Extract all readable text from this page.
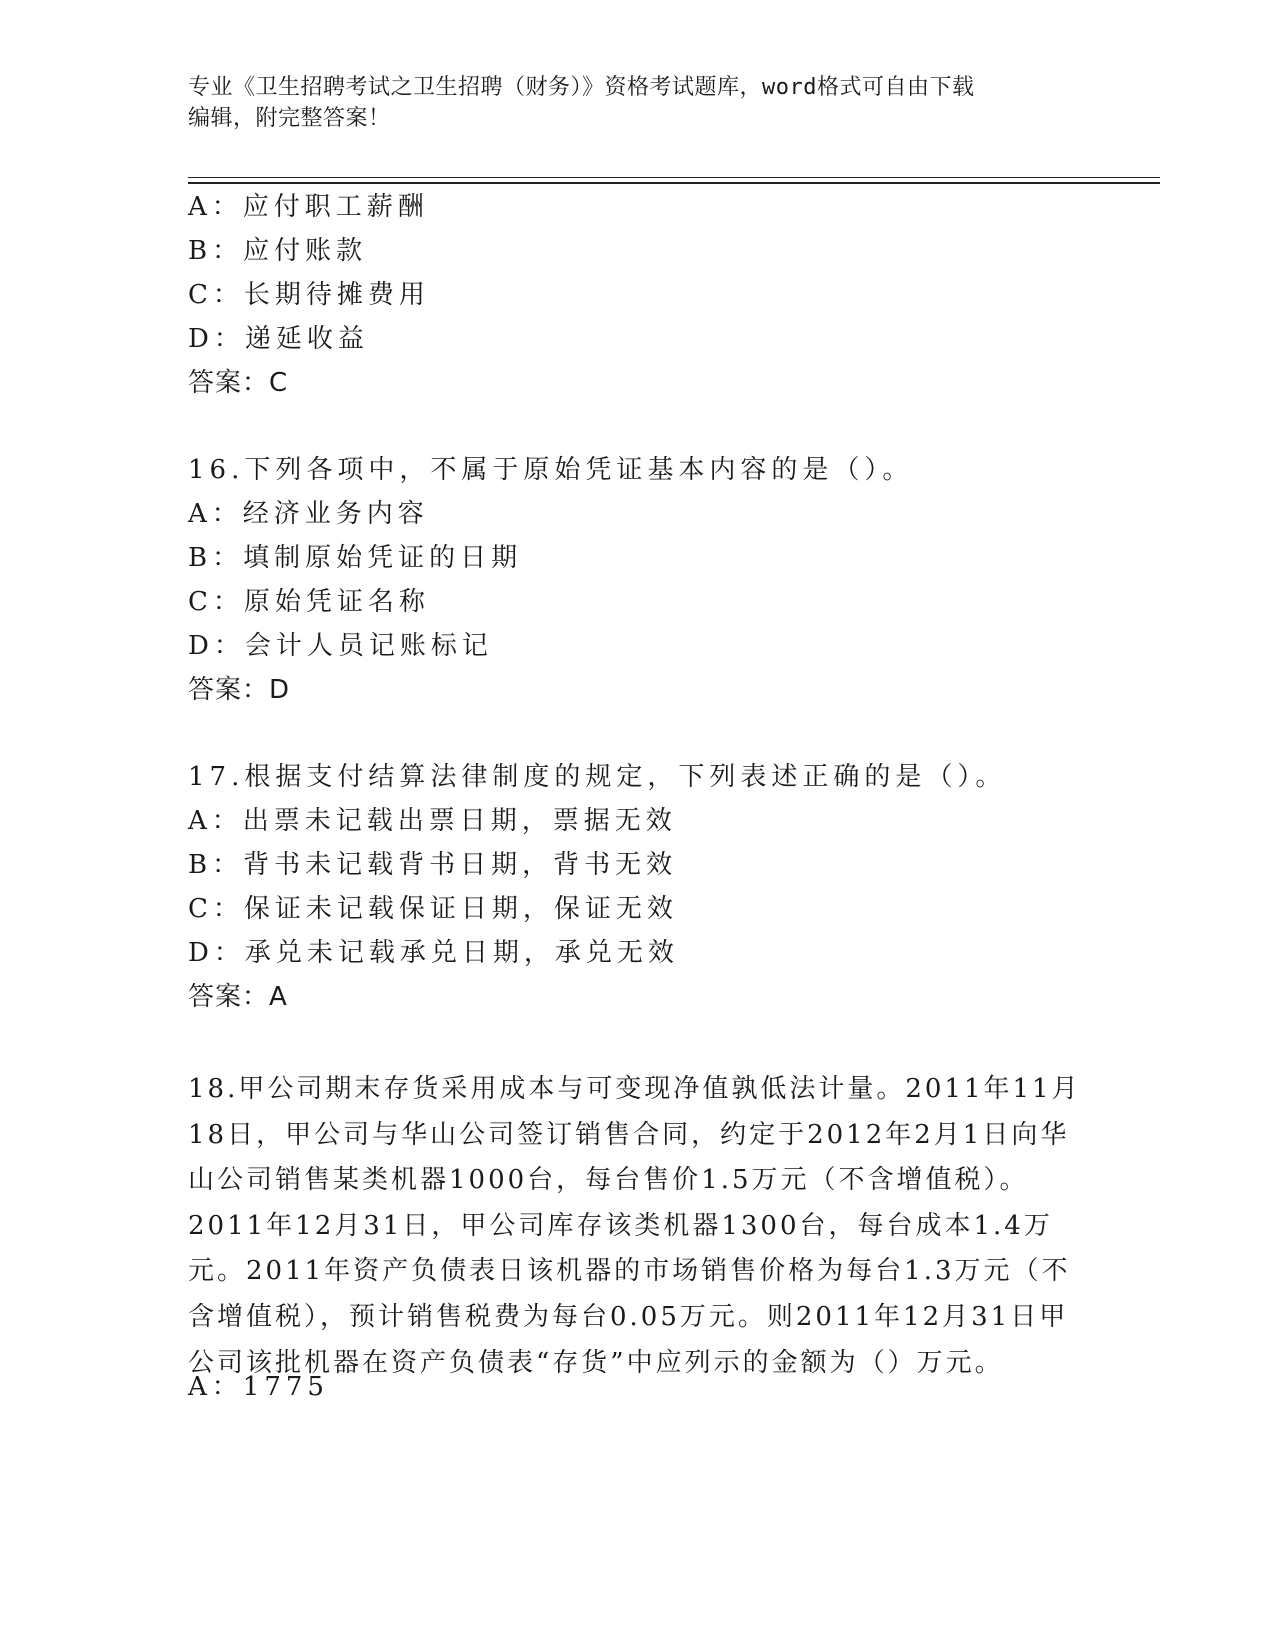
专业《卫生招聘考试之卫生招聘（财务）》资格考试题库，word格式可自由下载
编辑，附完整答案！
A：应付职工薪酬
B：应付账款
C：长期待摊费用
D：递延收益
答案：C
16.下列各项中，不属于原始凭证基本内容的是（）。
A：经济业务内容
B：填制原始凭证的日期
C：原始凭证名称
D：会计人员记账标记
答案：D
17.根据支付结算法律制度的规定，下列表述正确的是（）。
A：出票未记载出票日期，票据无效
B：背书未记载背书日期，背书无效
C：保证未记载保证日期，保证无效
D：承兑未记载承兑日期，承兑无效
答案：A
18.甲公司期末存货采用成本与可变现净值孰低法计量。2011年11月18日，甲公司与华山公司签订销售合同，约定于2012年2月1日向华山公司销售某类机器1000台，每台售价1.5万元（不含增值税）。2011年12月31日，甲公司库存该类机器1300台，每台成本1.4万元。2011年资产负债表日该机器的市场销售价格为每台1.3万元（不含增值税），预计销售税费为每台0.05万元。则2011年12月31日甲公司该批机器在资产负债表“存货”中应列示的金额为（）万元。
A：1775
